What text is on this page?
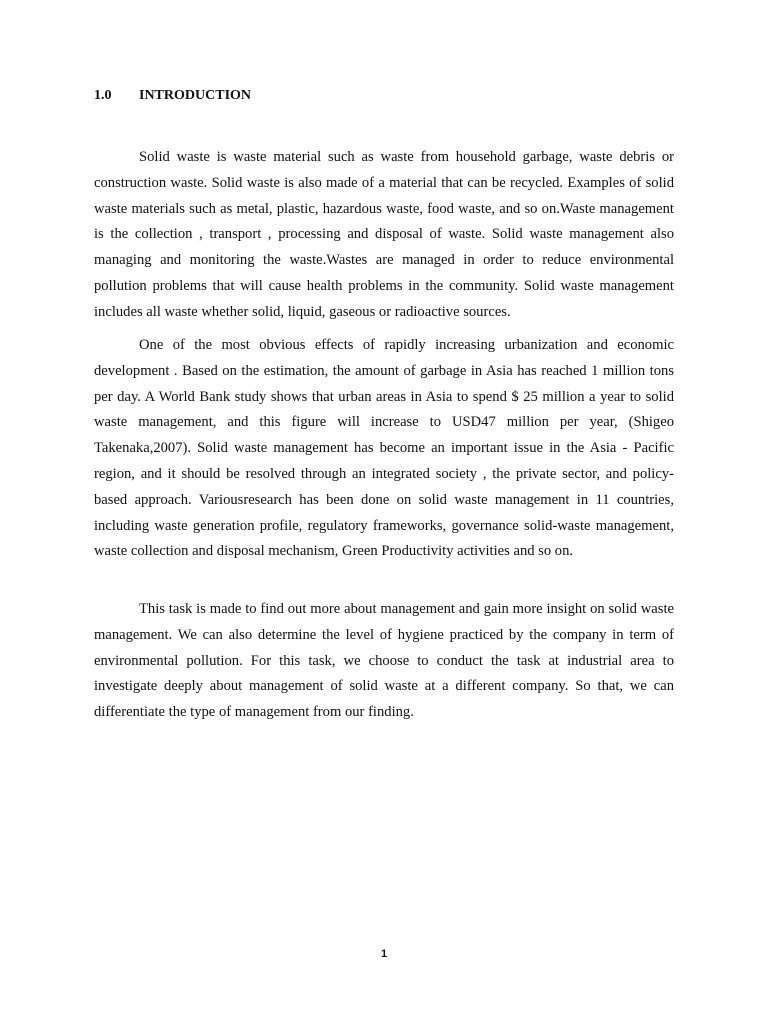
1.0 INTRODUCTION

Solid waste is waste material such as waste from household garbage, waste debris or construction waste. Solid waste is also made of a material that can be recycled. Examples of solid waste materials such as metal, plastic, hazardous waste, food waste, and so on.Waste management is the collection , transport , processing and disposal of waste. Solid waste management also managing and monitoring the waste.Wastes are managed in order to reduce environmental pollution problems that will cause health problems in the community. Solid waste management includes all waste whether solid, liquid, gaseous or radioactive sources.

One of the most obvious effects of rapidly increasing urbanization and economic development . Based on the estimation, the amount of garbage in Asia has reached 1 million tons per day. A World Bank study shows that urban areas in Asia to spend $ 25 million a year to solid waste management, and this figure will increase to USD47 million per year, (Shigeo Takenaka,2007). Solid waste management has become an important issue in the Asia - Pacific region, and it should be resolved through an integrated society , the private sector, and policy-based approach. Variousresearch has been done on solid waste management in 11 countries, including waste generation profile, regulatory frameworks, governance solid-waste management, waste collection and disposal mechanism, Green Productivity activities and so on.

This task is made to find out more about management and gain more insight on solid waste management. We can also determine the level of hygiene practiced by the company in term of environmental pollution. For this task, we choose to conduct the task at industrial area to investigate deeply about management of solid waste at a different company. So that, we can differentiate the type of management from our finding.

1
